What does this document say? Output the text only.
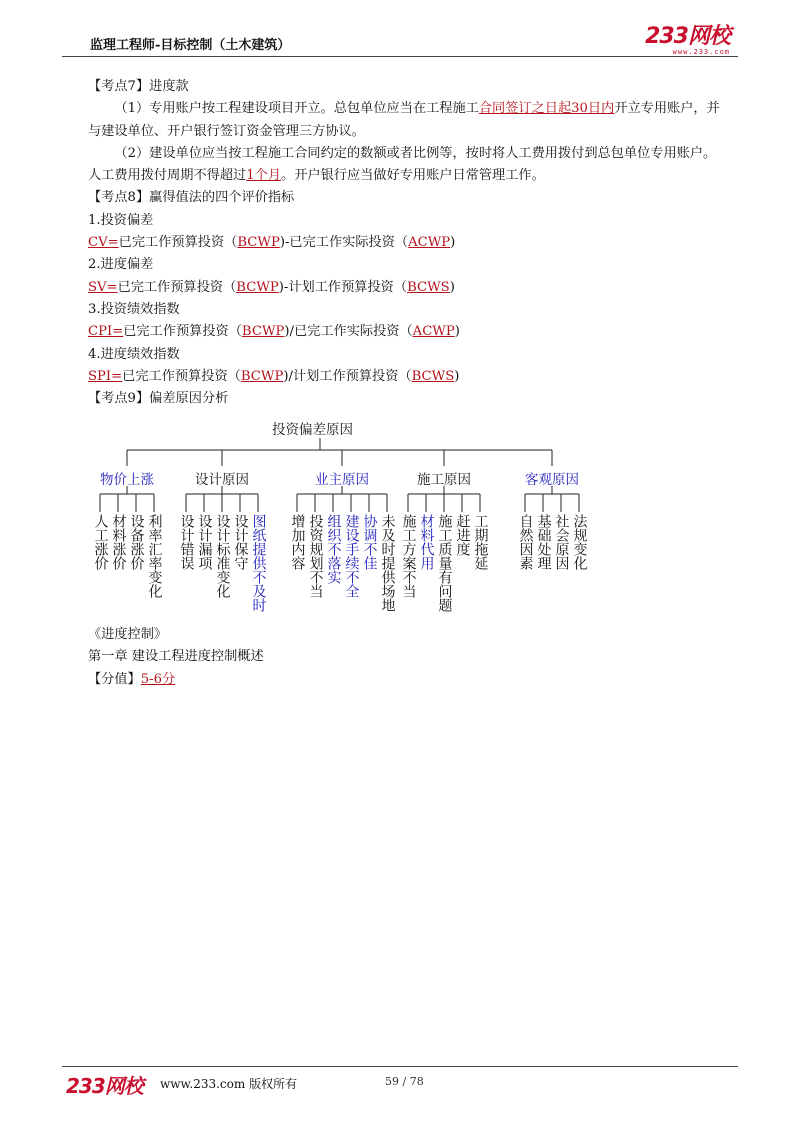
监理工程师-目标控制（土木建筑）	233网校
www.233.com

【考点7】进度款

（1）专用账户按工程建设项目开立。总包单位应当在工程施工合同签订之日起30日内开立专用账户，并与建设单位、开户银行签订资金管理三方协议。

（2）建设单位应当按工程施工合同约定的数额或者比例等，按时将人工费用拨付到总包单位专用账户。人工费用拨付周期不得超过1个月。开户银行应当做好专用账户日常管理工作。

【考点8】赢得值法的四个评价指标

1.投资偏差

CV=已完工作预算投资（BCWP)-已完工作实际投资（ACWP)

2.进度偏差

SV=已完工作预算投资（BCWP)-计划工作预算投资（BCWS)

3.投资绩效指数

CPI=已完工作预算投资（BCWP)/已完工作实际投资（ACWP)

4.进度绩效指数

SPI=已完工作预算投资（BCWP)/计划工作预算投资（BCWS)

【考点9】偏差原因分析

投资偏差原因
物价上涨
人工涨价 材料涨价 设备涨价 利率汇率变化
设计原因
设计错误 设计漏项 设计标准变化 设计保守 图纸提供不及时
业主原因
增加内容 投资规划不当 组织不落实 建设手续不全 协调不佳 未及时提供场地
施工原因
施工方案不当 材料代用 施工质量有问题 赶进度 工期拖延
客观原因
自然因素 基础处理 社会原因 法规变化

《进度控制》

第一章 建设工程进度控制概述

【分值】5-6分

233网校 www.233.com 版权所有	59 / 78
